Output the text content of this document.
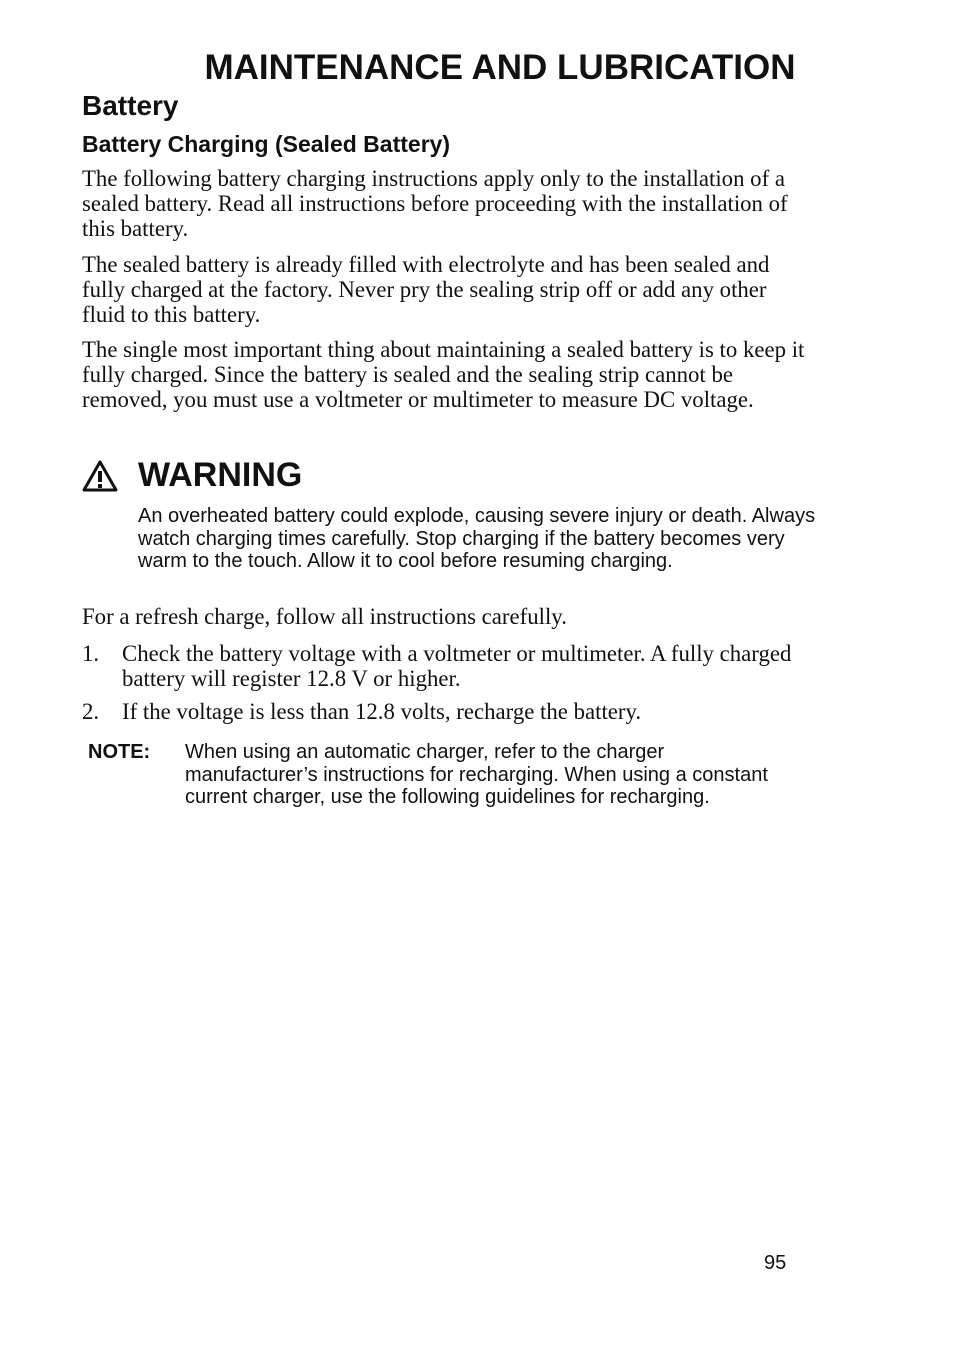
MAINTENANCE AND LUBRICATION
Battery
Battery Charging (Sealed Battery)

The following battery charging instructions apply only to the installation of a sealed battery. Read all instructions before proceeding with the installation of this battery.

The sealed battery is already filled with electrolyte and has been sealed and fully charged at the factory. Never pry the sealing strip off or add any other fluid to this battery.

The single most important thing about maintaining a sealed battery is to keep it fully charged. Since the battery is sealed and the sealing strip cannot be removed, you must use a voltmeter or multimeter to measure DC voltage.

WARNING

An overheated battery could explode, causing severe injury or death. Always watch charging times carefully. Stop charging if the battery becomes very warm to the touch. Allow it to cool before resuming charging.

For a refresh charge, follow all instructions carefully.

1.	Check the battery voltage with a voltmeter or multimeter. A fully charged battery will register 12.8 V or higher.
2.	If the voltage is less than 12.8 volts, recharge the battery.
NOTE:	When using an automatic charger, refer to the charger manufacturer’s instructions for recharging. When using a constant current charger, use the following guidelines for recharging.
95
